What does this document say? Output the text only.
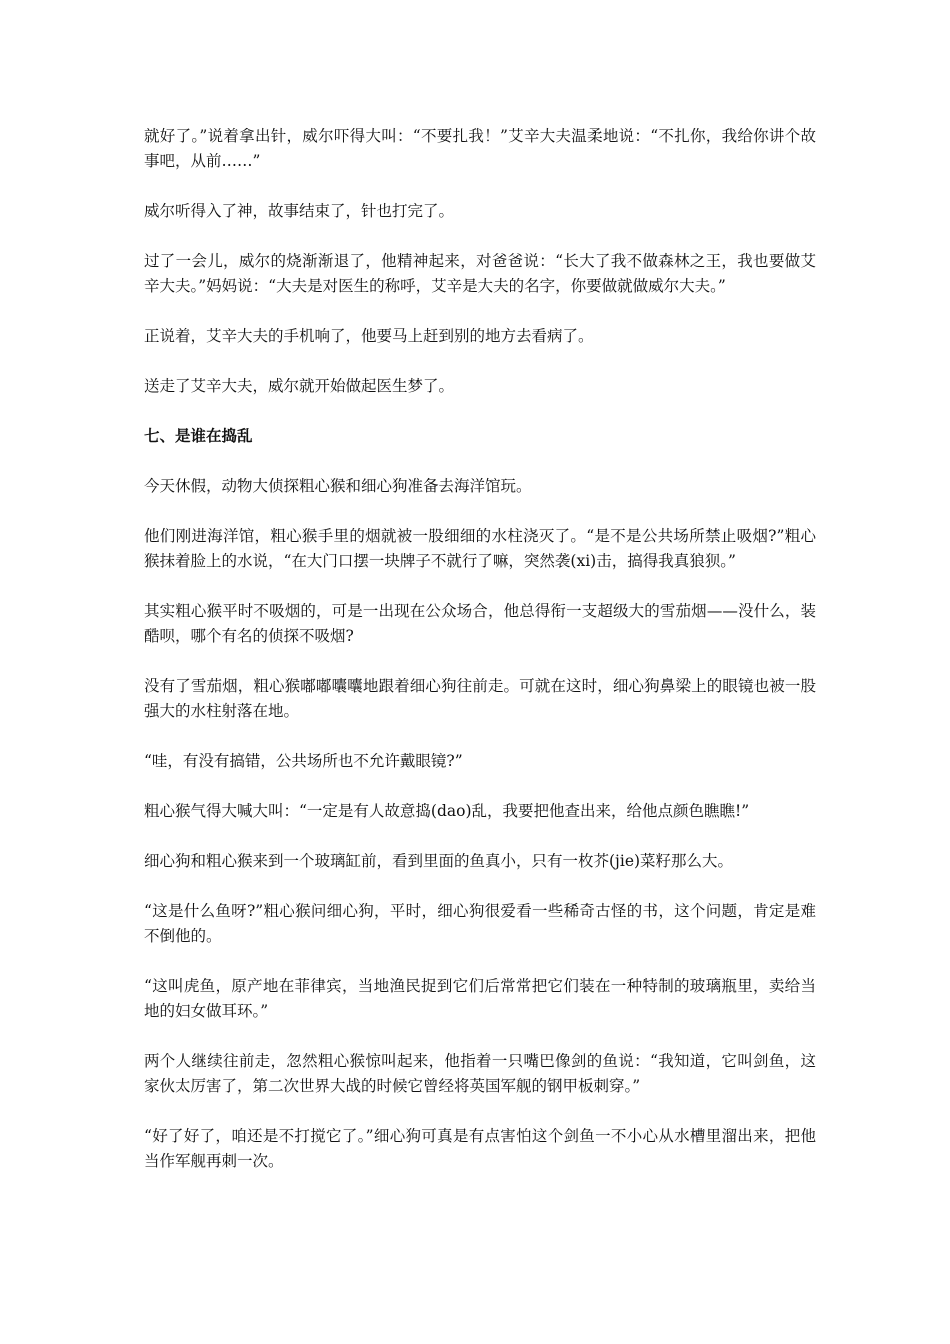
就好了。”说着拿出针，威尔吓得大叫：“不要扎我！”艾辛大夫温柔地说：“不扎你，我给你讲个故事吧，从前……”

威尔听得入了神，故事结束了，针也打完了。

过了一会儿，威尔的烧渐渐退了，他精神起来，对爸爸说：“长大了我不做森林之王，我也要做艾辛大夫。”妈妈说：“大夫是对医生的称呼，艾辛是大夫的名字，你要做就做威尔大夫。”

正说着，艾辛大夫的手机响了，他要马上赶到别的地方去看病了。

送走了艾辛大夫，威尔就开始做起医生梦了。

七、是谁在捣乱

今天休假，动物大侦探粗心猴和细心狗准备去海洋馆玩。

他们刚进海洋馆，粗心猴手里的烟就被一股细细的水柱浇灭了。“是不是公共场所禁止吸烟?”粗心猴抹着脸上的水说，“在大门口摆一块牌子不就行了嘛，突然袭(xi)击，搞得我真狼狈。”

其实粗心猴平时不吸烟的，可是一出现在公众场合，他总得衔一支超级大的雪茄烟——没什么，装酷呗，哪个有名的侦探不吸烟?

没有了雪茄烟，粗心猴嘟嘟囔囔地跟着细心狗往前走。可就在这时，细心狗鼻梁上的眼镜也被一股强大的水柱射落在地。

“哇，有没有搞错，公共场所也不允许戴眼镜?”

粗心猴气得大喊大叫：“一定是有人故意捣(dao)乱，我要把他查出来，给他点颜色瞧瞧!”

细心狗和粗心猴来到一个玻璃缸前，看到里面的鱼真小，只有一枚芥(jie)菜籽那么大。

“这是什么鱼呀?”粗心猴问细心狗，平时，细心狗很爱看一些稀奇古怪的书，这个问题，肯定是难不倒他的。

“这叫虎鱼，原产地在菲律宾，当地渔民捉到它们后常常把它们装在一种特制的玻璃瓶里，卖给当地的妇女做耳环。”

两个人继续往前走，忽然粗心猴惊叫起来，他指着一只嘴巴像剑的鱼说：“我知道，它叫剑鱼，这家伙太厉害了，第二次世界大战的时候它曾经将英国军舰的钢甲板刺穿。”

“好了好了，咱还是不打搅它了。”细心狗可真是有点害怕这个剑鱼一不小心从水槽里溜出来，把他当作军舰再刺一次。
